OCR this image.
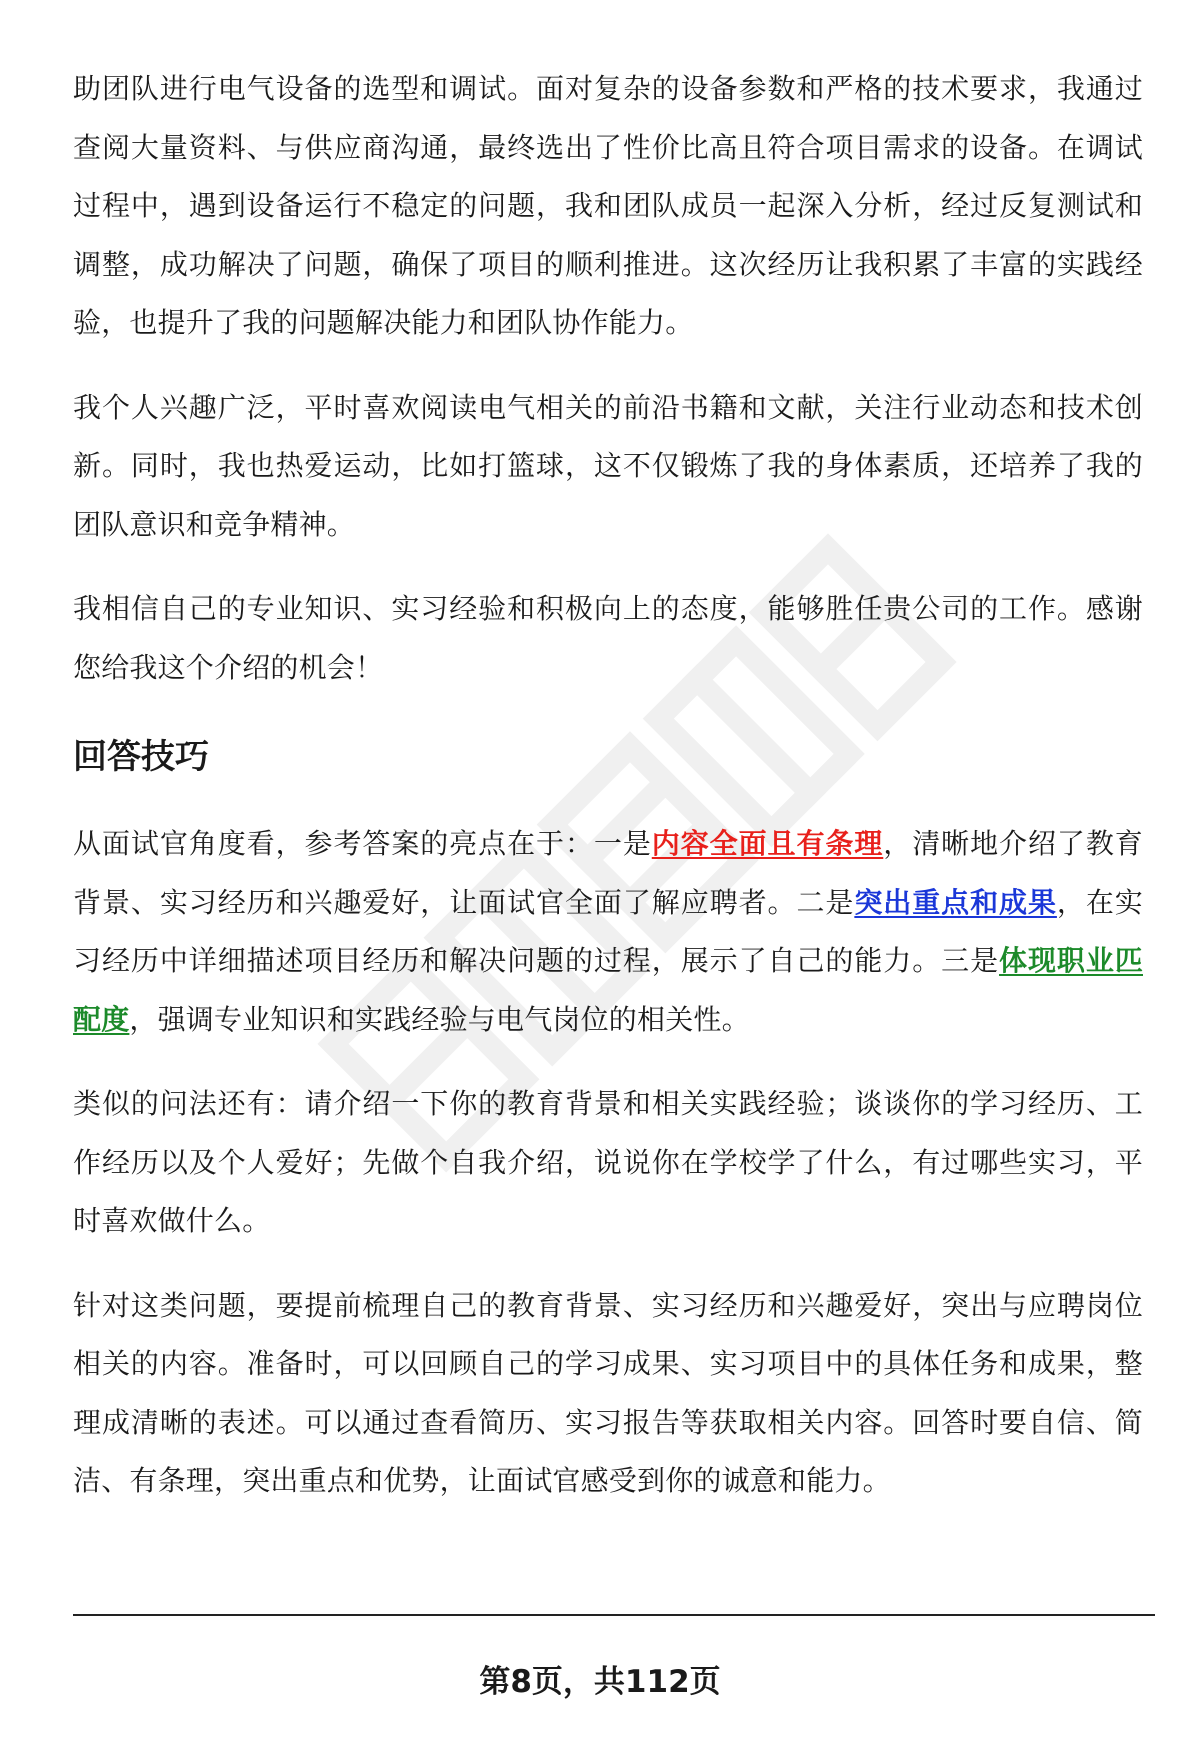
助团队进行电气设备的选型和调试。面对复杂的设备参数和严格的技术要求，我通过查阅大量资料、与供应商沟通，最终选出了性价比高且符合项目需求的设备。在调试过程中，遇到设备运行不稳定的问题，我和团队成员一起深入分析，经过反复测试和调整，成功解决了问题，确保了项目的顺利推进。这次经历让我积累了丰富的实践经验，也提升了我的问题解决能力和团队协作能力。

我个人兴趣广泛，平时喜欢阅读电气相关的前沿书籍和文献，关注行业动态和技术创新。同时，我也热爱运动，比如打篮球，这不仅锻炼了我的身体素质，还培养了我的团队意识和竞争精神。

我相信自己的专业知识、实习经验和积极向上的态度，能够胜任贵公司的工作。感谢您给我这个介绍的机会！

回答技巧

从面试官角度看，参考答案的亮点在于：一是内容全面且有条理，清晰地介绍了教育背景、实习经历和兴趣爱好，让面试官全面了解应聘者。二是突出重点和成果，在实习经历中详细描述项目经历和解决问题的过程，展示了自己的能力。三是体现职业匹配度，强调专业知识和实践经验与电气岗位的相关性。

类似的问法还有：请介绍一下你的教育背景和相关实践经验；谈谈你的学习经历、工作经历以及个人爱好；先做个自我介绍，说说你在学校学了什么，有过哪些实习，平时喜欢做什么。

针对这类问题，要提前梳理自己的教育背景、实习经历和兴趣爱好，突出与应聘岗位相关的内容。准备时，可以回顾自己的学习成果、实习项目中的具体任务和成果，整理成清晰的表述。可以通过查看简历、实习报告等获取相关内容。回答时要自信、简洁、有条理，突出重点和优势，让面试官感受到你的诚意和能力。

第8页，共112页
